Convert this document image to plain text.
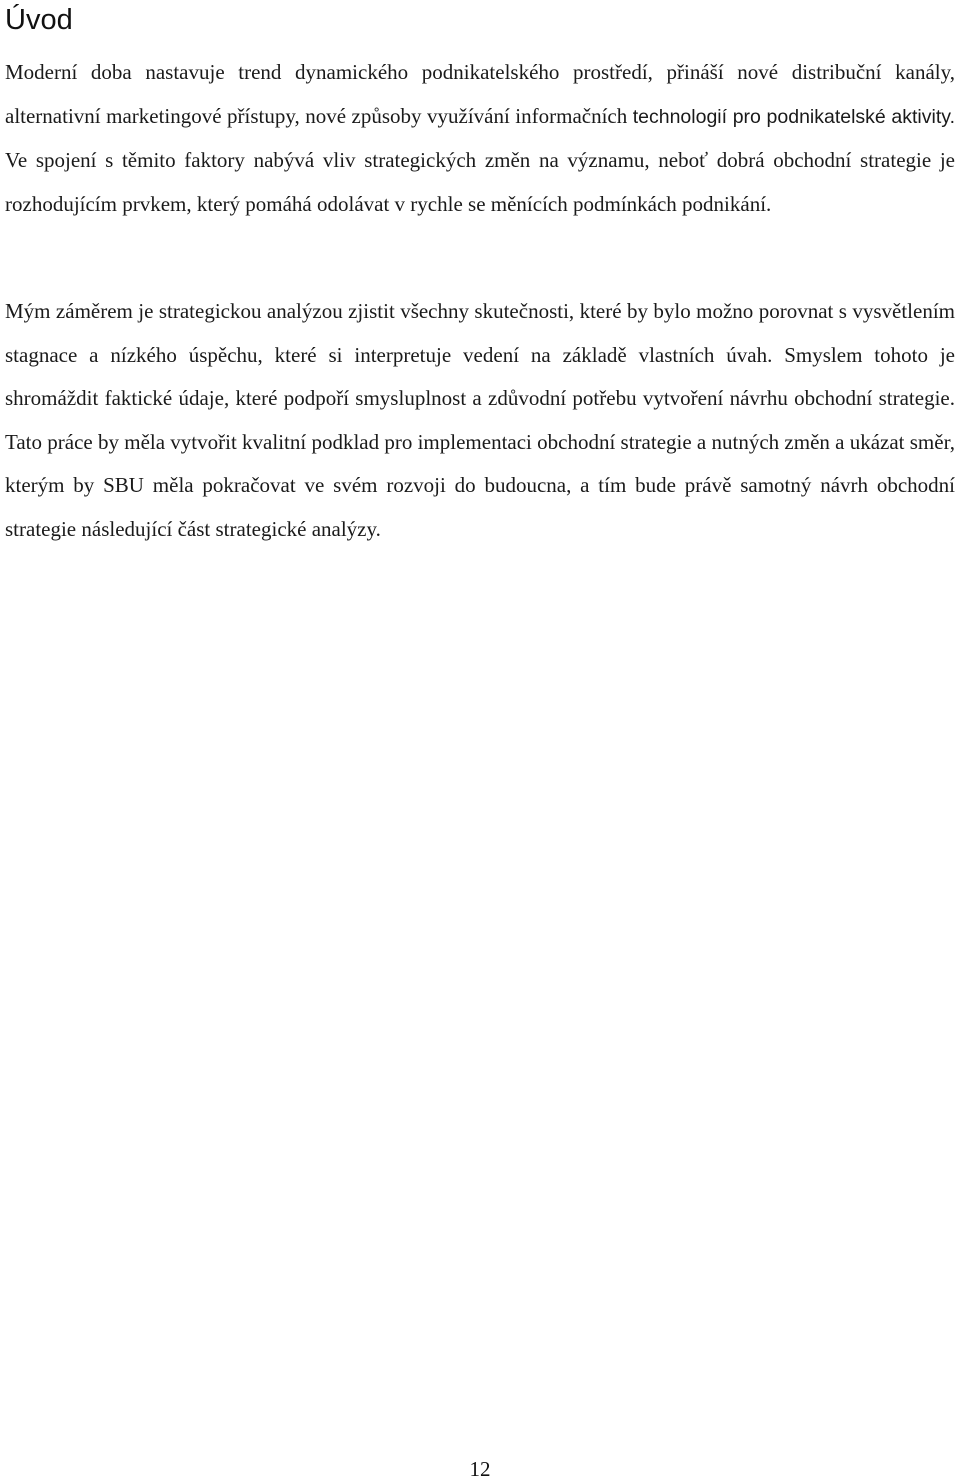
Úvod

Moderní doba nastavuje trend dynamického podnikatelského prostředí, přináší nové distribuční kanály, alternativní marketingové přístupy, nové způsoby využívání informačních technologií pro podnikatelské aktivity. Ve spojení s těmito faktory nabývá vliv strategických změn na významu, neboť dobrá obchodní strategie je rozhodujícím prvkem, který pomáhá odolávat v rychle se měnících podmínkách podnikání.

Mým záměrem je strategickou analýzou zjistit všechny skutečnosti, které by bylo možno porovnat s vysvětlením stagnace a nízkého úspěchu, které si interpretuje vedení na základě vlastních úvah. Smyslem tohoto je shromáždit faktické údaje, které podpoří smysluplnost a zdůvodní potřebu vytvoření návrhu obchodní strategie. Tato práce by měla vytvořit kvalitní podklad pro implementaci obchodní strategie a nutných změn a ukázat směr, kterým by SBU měla pokračovat ve svém rozvoji do budoucna, a tím bude právě samotný návrh obchodní strategie následující část strategické analýzy.

12
